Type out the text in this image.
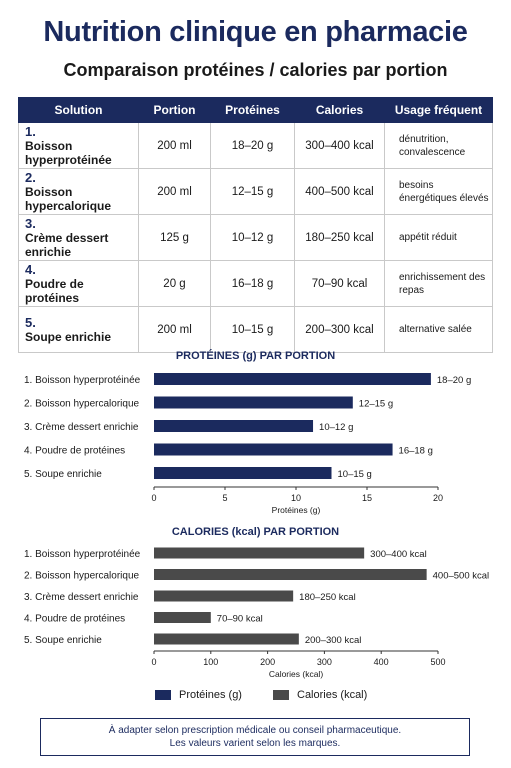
Nutrition clinique en pharmacie
Comparaison protéines / calories par portion
Solution	Portion	Protéines	Calories	Usage fréquent
1.Boisson hyperprotéinée	200 ml	18–20 g	300–400 kcal	dénutrition, convalescence
2.Boisson hypercalorique	200 ml	12–15 g	400–500 kcal	besoins énergétiques élevés
3.Crème dessert enrichie	125 g	10–12 g	180–250 kcal	appétit réduit
4.Poudre de protéines	20 g	16–18 g	70–90 kcal	enrichissement des repas
5.Soupe enrichie	200 ml	10–15 g	200–300 kcal	alternative salée
PROTÉINES (g) PAR PORTION
1. Boisson hyperprotéinée	18–20 g
2. Boisson hypercalorique	12–15 g
3. Crème dessert enrichie	10–12 g
4. Poudre de protéines	16–18 g
5. Soupe enrichie	10–15 g
0	5	10	15	20
Protéines (g)
CALORIES (kcal) PAR PORTION
1. Boisson hyperprotéinée	300–400 kcal
2. Boisson hypercalorique	400–500 kcal
3. Crème dessert enrichie	180–250 kcal
4. Poudre de protéines	70–90 kcal
5. Soupe enrichie	200–300 kcal
0	100	200	300	400	500
Calories (kcal)
Protéines (g)	Calories (kcal)
À adapter selon prescription médicale ou conseil pharmaceutique.
Les valeurs varient selon les marques.
